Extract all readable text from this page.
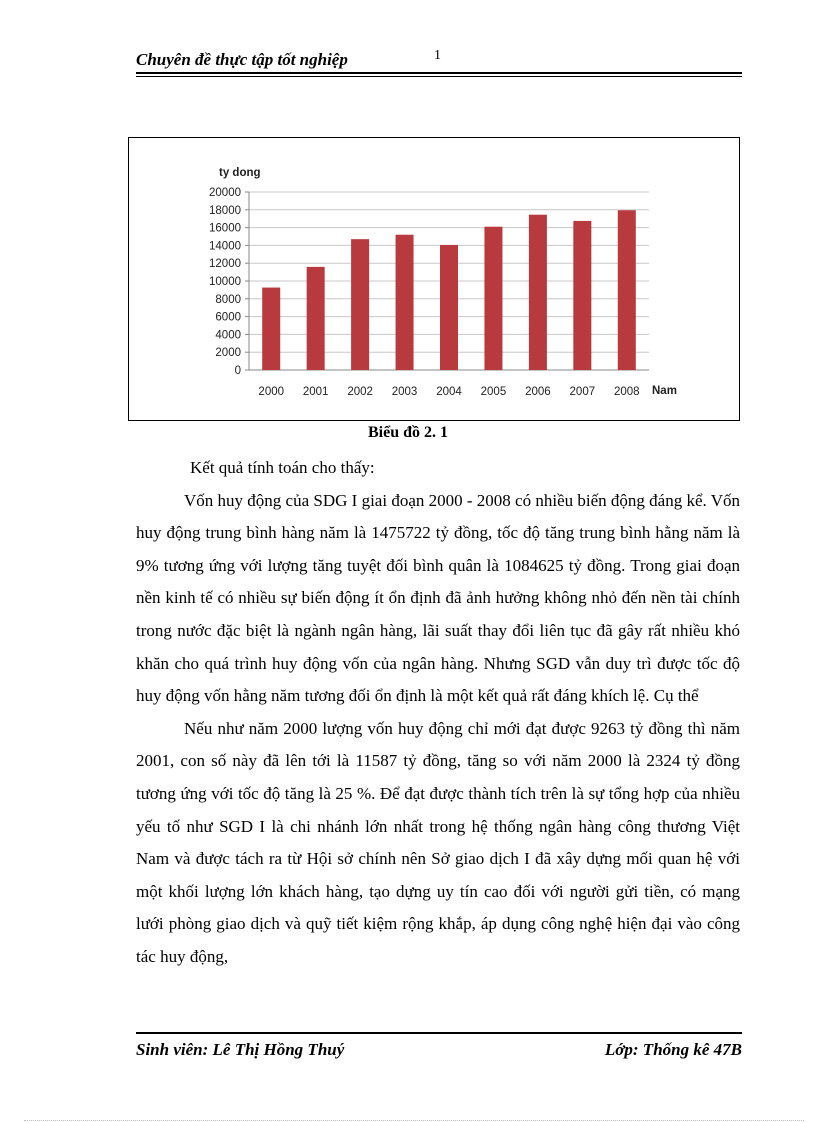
Chuyên đề thực tập tốt nghiệp	1
0
2000
4000
6000
8000
10000
12000
14000
16000
18000
20000
2000 2001 2002 2003 2004 2005 2006 2007 2008
ty dong
Nam
Biểu đồ 2. 1

Kết quả tính toán cho thấy:

Vốn huy động của SDG I giai đoạn 2000 - 2008 có nhiều biến động đáng kể. Vốn huy động trung bình hàng năm là 1475722 tỷ đồng, tốc độ tăng trung bình hằng năm là 9% tương ứng với lượng tăng tuyệt đối bình quân là 1084625 tỷ đồng. Trong giai đoạn nền kinh tế có nhiều sự biến động ít ổn định đã ảnh hưởng không nhỏ đến nền tài chính trong nước đặc biệt là ngành ngân hàng, lãi suất thay đổi liên tục đã gây rất nhiều khó khăn cho quá trình huy động vốn của ngân hàng. Nhưng SGD vẫn duy trì được tốc độ huy động vốn hằng năm tương đối ổn định là một kết quả rất đáng khích lệ. Cụ thể

Nếu như năm 2000 lượng vốn huy động chỉ mới đạt được 9263 tỷ đồng thì năm 2001, con số này đã lên tới là 11587 tỷ đồng, tăng so với năm 2000 là 2324 tỷ đồng tương ứng với tốc độ tăng là 25 %. Để đạt được thành tích trên là sự tổng hợp của nhiều yếu tố như SGD I là chi nhánh lớn nhất trong hệ thống ngân hàng công thương Việt Nam và được tách ra từ Hội sở chính nên Sở giao dịch I đã xây dựng mối quan hệ với một khối lượng lớn khách hàng, tạo dựng uy tín cao đối với người gửi tiền, có mạng lưới phòng giao dịch và quỹ tiết kiệm rộng khắp, áp dụng công nghệ hiện đại vào công tác huy động,

Sinh viên: Lê Thị Hồng Thuý	Lớp: Thống kê 47B
